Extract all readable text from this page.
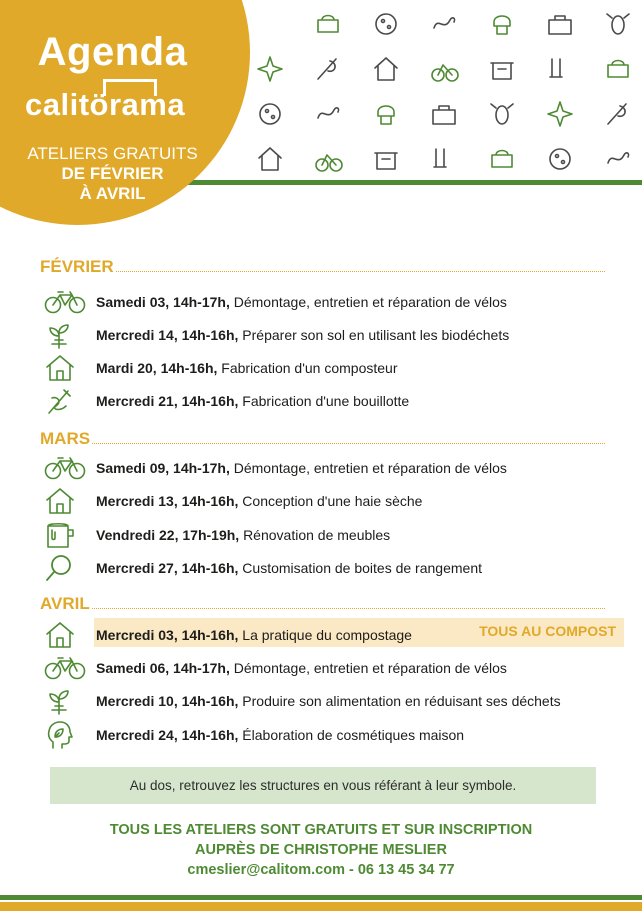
Agenda
calitörama
ATELIERS GRATUITS
DE FÉVRIER
À AVRIL
FÉVRIER
Samedi 03, 14h-17h, Démontage, entretien et réparation de vélos
Mercredi 14, 14h-16h, Préparer son sol en utilisant les biodéchets
Mardi 20, 14h-16h, Fabrication d'un composteur
Mercredi 21, 14h-16h, Fabrication d'une bouillotte
MARS
Samedi 09, 14h-17h, Démontage, entretien et réparation de vélos
Mercredi 13, 14h-16h, Conception d'une haie sèche
Vendredi 22, 17h-19h, Rénovation de meubles
Mercredi 27, 14h-16h, Customisation de boites de rangement
AVRIL
TOUS AU COMPOST
Mercredi 03, 14h-16h, La pratique du compostage
Samedi 06, 14h-17h, Démontage, entretien et réparation de vélos
Mercredi 10, 14h-16h, Produire son alimentation en réduisant ses déchets
Mercredi 24, 14h-16h, Élaboration de cosmétiques maison
Au dos, retrouvez les structures en vous référant à leur symbole.
TOUS LES ATELIERS SONT GRATUITS ET SUR INSCRIPTION
AUPRÈS DE CHRISTOPHE MESLIER
cmeslier@calitom.com - 06 13 45 34 77
